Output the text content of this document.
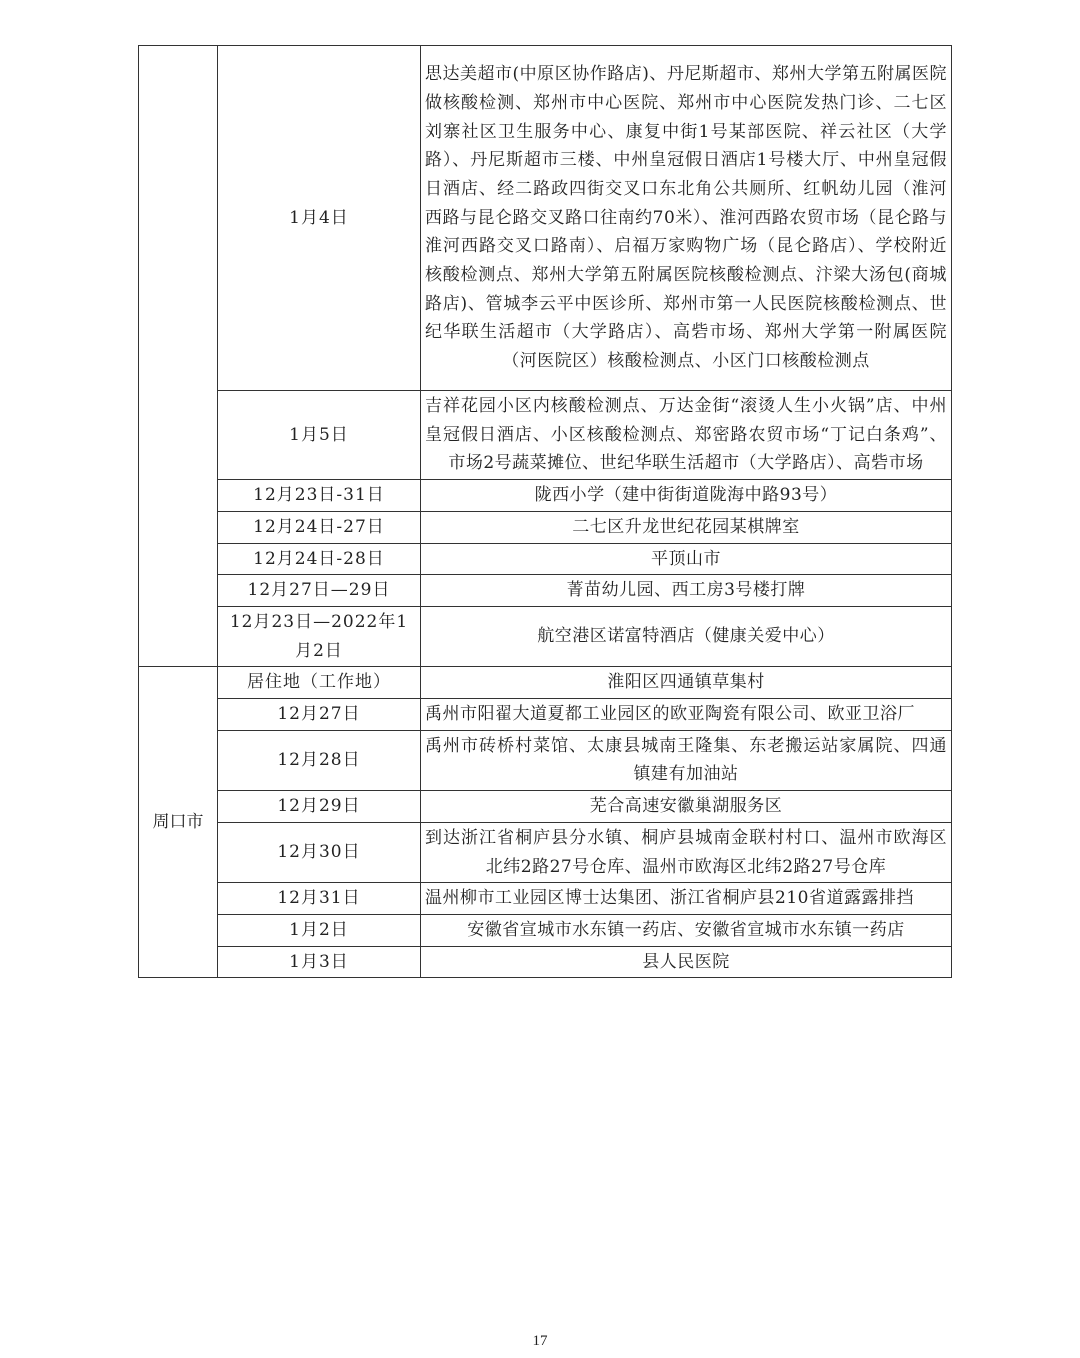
	1月4日	思达美超市(中原区协作路店)、丹尼斯超市、郑州大学第五附属医院做核酸检测、郑州市中心医院、郑州市中心医院发热门诊、二七区刘寨社区卫生服务中心、康复中街1号某部医院、祥云社区（大学路）、丹尼斯超市三楼、中州皇冠假日酒店1号楼大厅、中州皇冠假日酒店、经二路政四街交叉口东北角公共厕所、红帆幼儿园（淮河西路与昆仑路交叉路口往南约70米）、淮河西路农贸市场（昆仑路与淮河西路交叉口路南）、启福万家购物广场（昆仑路店）、学校附近核酸检测点、郑州大学第五附属医院核酸检测点、汴梁大汤包(商城路店)、管城李云平中医诊所、郑州市第一人民医院核酸检测点、世纪华联生活超市（大学路店）、高砦市场、郑州大学第一附属医院（河医院区）核酸检测点、小区门口核酸检测点
	1月5日	吉祥花园小区内核酸检测点、万达金街“滚烫人生小火锅”店、中州皇冠假日酒店、小区核酸检测点、郑密路农贸市场“丁记白条鸡”、市场2号蔬菜摊位、世纪华联生活超市（大学路店）、高砦市场
	12月23日-31日	陇西小学（建中街街道陇海中路93号）
	12月24日-27日	二七区升龙世纪花园某棋牌室
	12月24日-28日	平顶山市
	12月27日—29日	菁苗幼儿园、西工房3号楼打牌
	12月23日—2022年1月2日	航空港区诺富特酒店（健康关爱中心）
周口市	居住地（工作地）	淮阳区四通镇草集村
	12月27日	禹州市阳翟大道夏都工业园区的欧亚陶瓷有限公司、欧亚卫浴厂
	12月28日	禹州市砖桥村菜馆、太康县城南王隆集、东老搬运站家属院、四通镇建有加油站
	12月29日	芜合高速安徽巢湖服务区
	12月30日	到达浙江省桐庐县分水镇、桐庐县城南金联村村口、温州市欧海区北纬2路27号仓库、温州市欧海区北纬2路27号仓库
	12月31日	温州柳市工业园区博士达集团、浙江省桐庐县210省道露露排挡
	1月2日	安徽省宣城市水东镇一药店、安徽省宣城市水东镇一药店
	1月3日	县人民医院
17
